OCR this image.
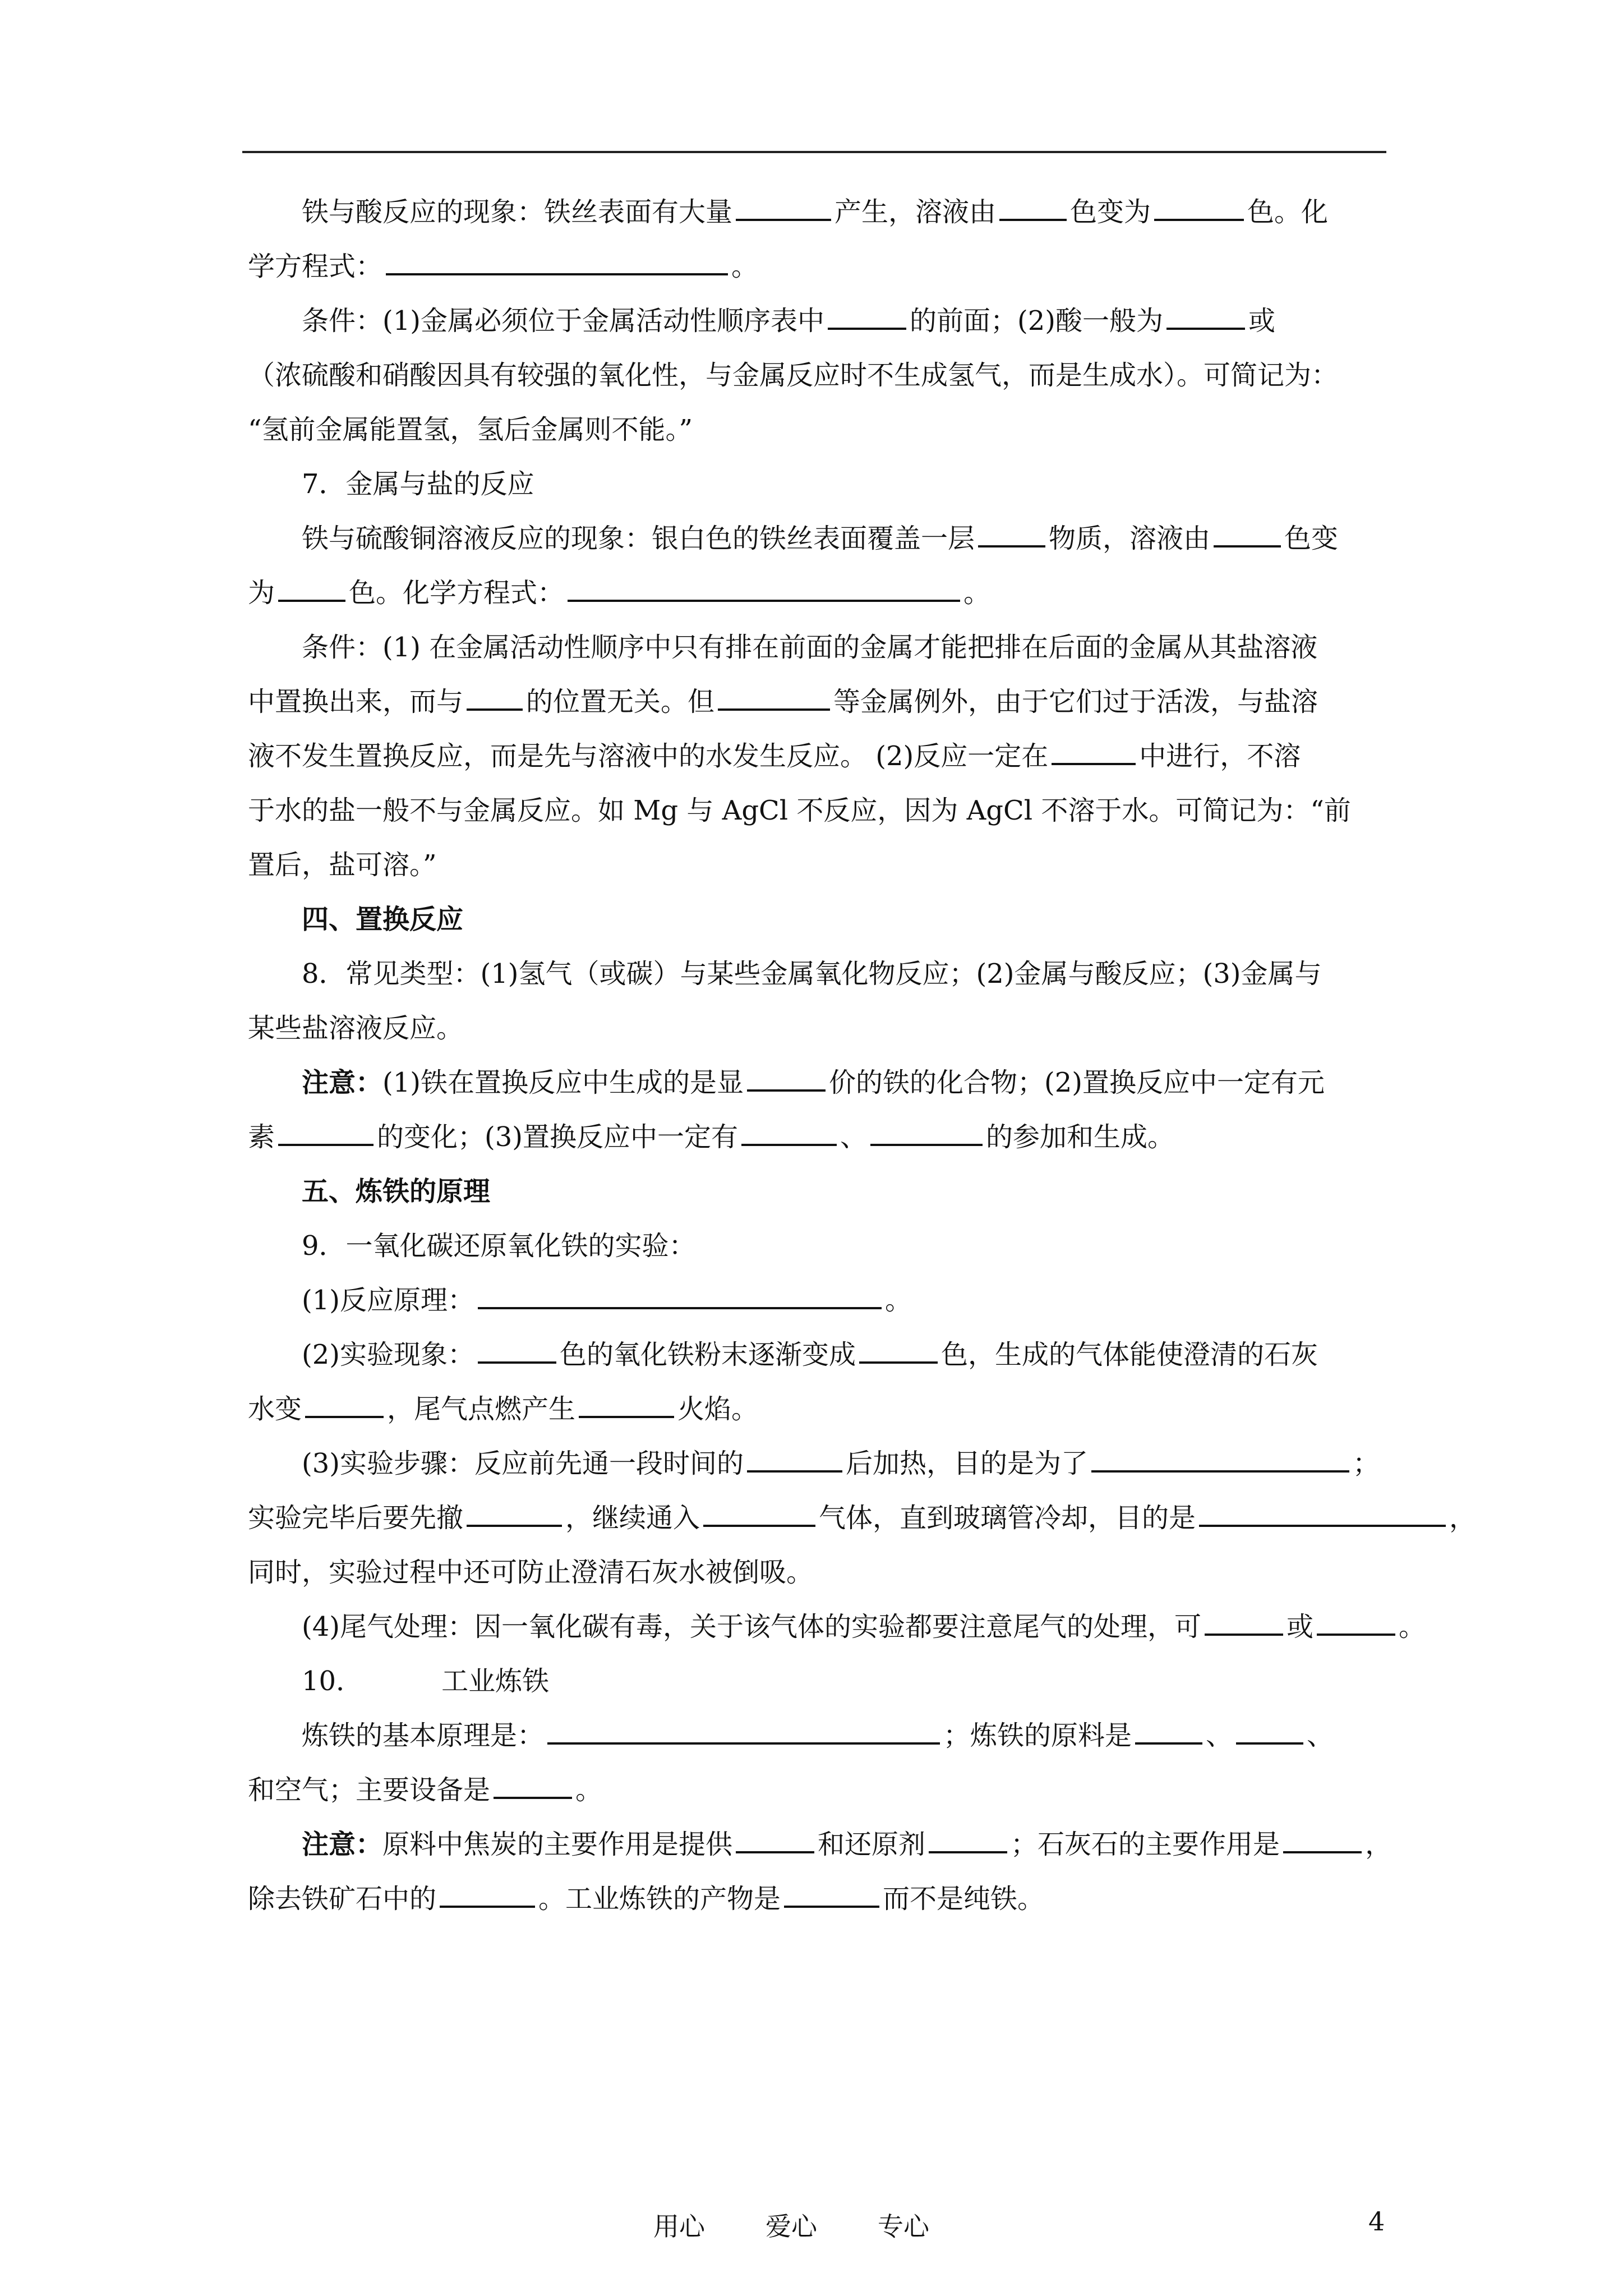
铁与酸反应的现象：铁丝表面有大量	产生，溶液由	色变为	色。化

学方程式：	。

条件：(1)金属必须位于金属活动性顺序表中	的前面；(2)酸一般为	或

（浓硫酸和硝酸因具有较强的氧化性，与金属反应时不生成氢气，而是生成水）。可简记为：

“氢前金属能置氢，氢后金属则不能。”

7．金属与盐的反应

铁与硫酸铜溶液反应的现象：银白色的铁丝表面覆盖一层	物质，溶液由	色变

为	色。化学方程式：	。

条件：(1) 在金属活动性顺序中只有排在前面的金属才能把排在后面的金属从其盐溶液

中置换出来，而与 的位置无关。但	等金属例外，由于它们过于活泼，与盐溶

液不发生置换反应，而是先与溶液中的水发生反应。 (2)反应一定在	中进行，不溶

于水的盐一般不与金属反应。如 Mg 与 AgCl 不反应，因为 AgCl 不溶于水。可简记为：“前

置后，盐可溶。”

四、置换反应

8．常见类型：(1)氢气（或碳）与某些金属氧化物反应；(2)金属与酸反应；(3)金属与

某些盐溶液反应。

注意：(1)铁在置换反应中生成的是显	价的铁的化合物；(2)置换反应中一定有元

素	的变化；(3)置换反应中一定有	、	的参加和生成。

五、炼铁的原理

9．一氧化碳还原氧化铁的实验：

(1)反应原理：	。

(2)实验现象：	色的氧化铁粉末逐渐变成	色，生成的气体能使澄清的石灰

水变	，尾气点燃产生	火焰。

(3)实验步骤：反应前先通一段时间的	后加热，目的是为了	；

实验完毕后要先撤	，继续通入	气体，直到玻璃管冷却，目的是	，

同时，实验过程中还可防止澄清石灰水被倒吸。

(4)尾气处理：因一氧化碳有毒，关于该气体的实验都要注意尾气的处理，可	或	。

10．	工业炼铁

炼铁的基本原理是：	；炼铁的原料是	、	、

和空气；主要设备是	。

注意：原料中焦炭的主要作用是提供	和还原剂	；石灰石的主要作用是	，

除去铁矿石中的	。工业炼铁的产物是	而不是纯铁。

用心 爱心 专心	4
